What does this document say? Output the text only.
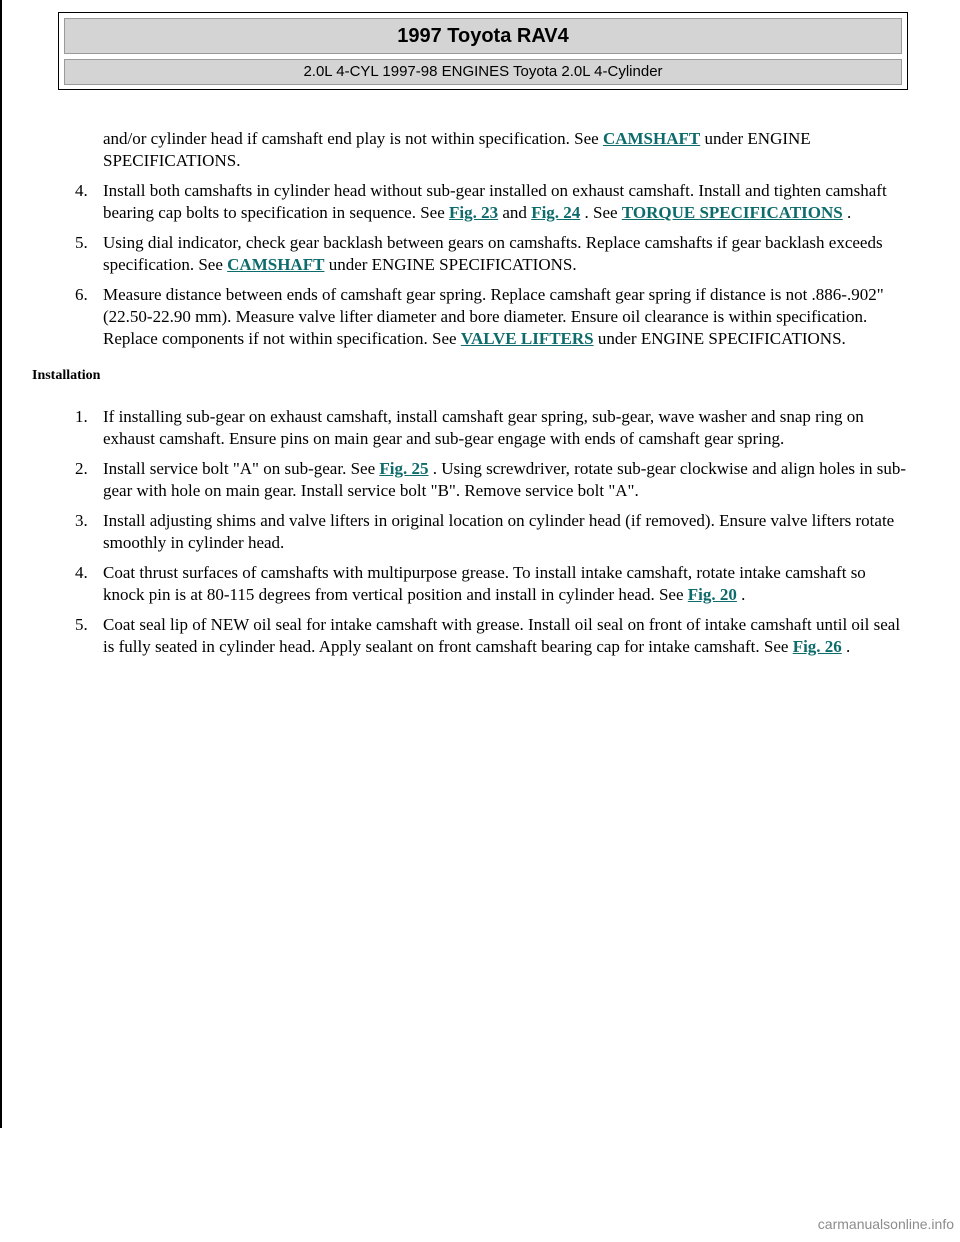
1997 Toyota RAV4
2.0L 4-CYL 1997-98 ENGINES Toyota 2.0L 4-Cylinder
and/or cylinder head if camshaft end play is not within specification. See CAMSHAFT under ENGINE SPECIFICATIONS.
4. Install both camshafts in cylinder head without sub-gear installed on exhaust camshaft. Install and tighten camshaft bearing cap bolts to specification in sequence. See Fig. 23 and Fig. 24 . See TORQUE SPECIFICATIONS .
5. Using dial indicator, check gear backlash between gears on camshafts. Replace camshafts if gear backlash exceeds specification. See CAMSHAFT under ENGINE SPECIFICATIONS.
6. Measure distance between ends of camshaft gear spring. Replace camshaft gear spring if distance is not .886-.902" (22.50-22.90 mm). Measure valve lifter diameter and bore diameter. Ensure oil clearance is within specification. Replace components if not within specification. See VALVE LIFTERS under ENGINE SPECIFICATIONS.
Installation
1. If installing sub-gear on exhaust camshaft, install camshaft gear spring, sub-gear, wave washer and snap ring on exhaust camshaft. Ensure pins on main gear and sub-gear engage with ends of camshaft gear spring.
2. Install service bolt "A" on sub-gear. See Fig. 25 . Using screwdriver, rotate sub-gear clockwise and align holes in sub-gear with hole on main gear. Install service bolt "B". Remove service bolt "A".
3. Install adjusting shims and valve lifters in original location on cylinder head (if removed). Ensure valve lifters rotate smoothly in cylinder head.
4. Coat thrust surfaces of camshafts with multipurpose grease. To install intake camshaft, rotate intake camshaft so knock pin is at 80-115 degrees from vertical position and install in cylinder head. See Fig. 20 .
5. Coat seal lip of NEW oil seal for intake camshaft with grease. Install oil seal on front of intake camshaft until oil seal is fully seated in cylinder head. Apply sealant on front camshaft bearing cap for intake camshaft. See Fig. 26 .
carmanualsonline.info
